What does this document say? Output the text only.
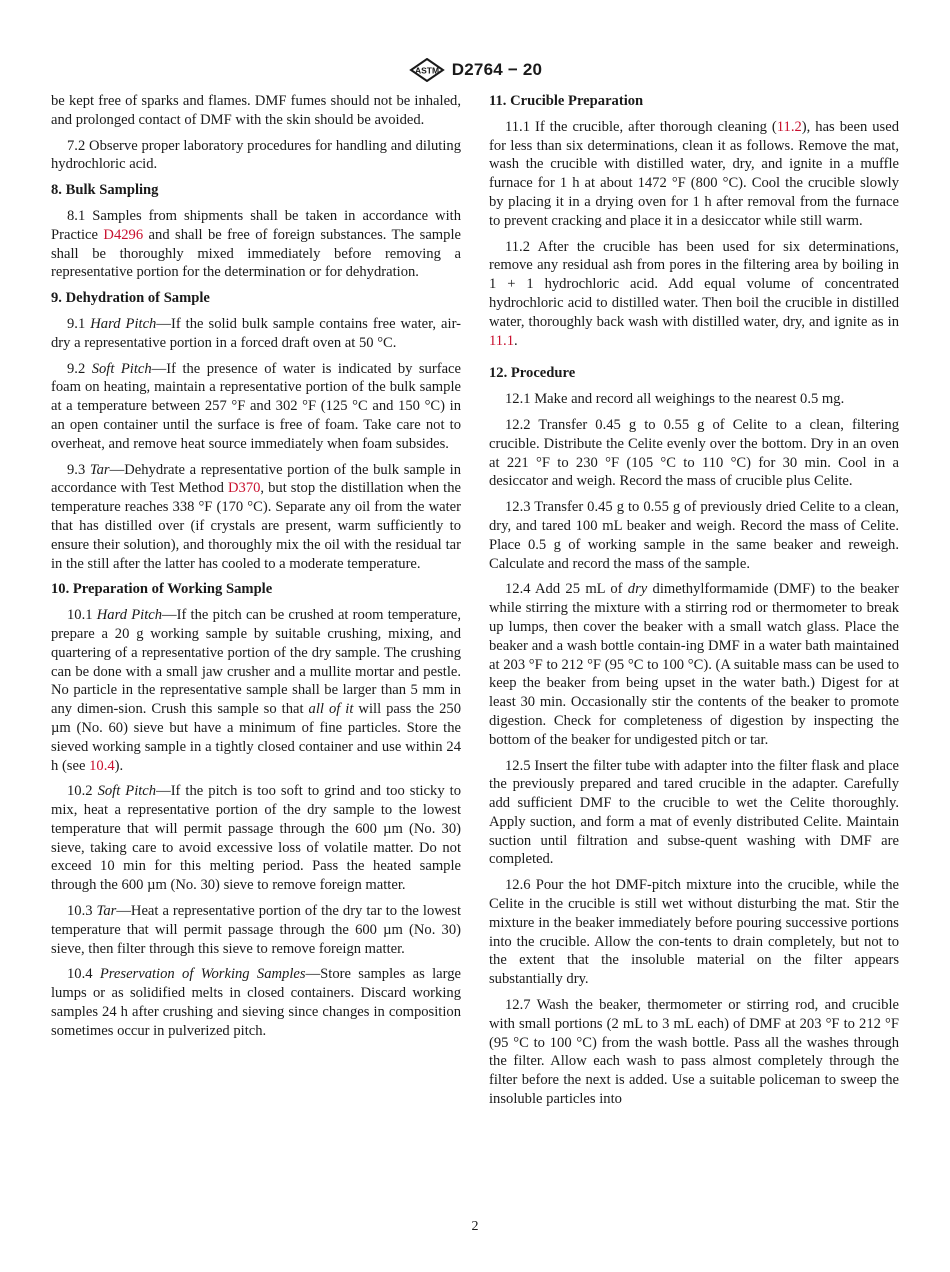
ASTM D2764 − 20

be kept free of sparks and flames. DMF fumes should not be inhaled, and prolonged contact of DMF with the skin should be avoided.

7.2 Observe proper laboratory procedures for handling and diluting hydrochloric acid.

8. Bulk Sampling

8.1 Samples from shipments shall be taken in accordance with Practice D4296 and shall be free of foreign substances. The sample shall be thoroughly mixed immediately before removing a representative portion for the determination or for dehydration.

9. Dehydration of Sample

9.1 Hard Pitch—If the solid bulk sample contains free water, air-dry a representative portion in a forced draft oven at 50 °C.

9.2 Soft Pitch—If the presence of water is indicated by surface foam on heating, maintain a representative portion of the bulk sample at a temperature between 257 °F and 302 °F (125 °C and 150 °C) in an open container until the surface is free of foam. Take care not to overheat, and remove heat source immediately when foam subsides.

9.3 Tar—Dehydrate a representative portion of the bulk sample in accordance with Test Method D370, but stop the distillation when the temperature reaches 338 °F (170 °C). Separate any oil from the water that has distilled over (if crystals are present, warm sufficiently to ensure their solution), and thoroughly mix the oil with the residual tar in the still after the latter has cooled to a moderate temperature.

10. Preparation of Working Sample

10.1 Hard Pitch—If the pitch can be crushed at room temperature, prepare a 20 g working sample by suitable crushing, mixing, and quartering of a representative portion of the dry sample. The crushing can be done with a small jaw crusher and a mullite mortar and pestle. No particle in the representative sample shall be larger than 5 mm in any dimen-sion. Crush this sample so that all of it will pass the 250 µm (No. 60) sieve but have a minimum of fine particles. Store the sieved working sample in a tightly closed container and use within 24 h (see 10.4).

10.2 Soft Pitch—If the pitch is too soft to grind and too sticky to mix, heat a representative portion of the dry sample to the lowest temperature that will permit passage through the 600 µm (No. 30) sieve, taking care to avoid excessive loss of volatile matter. Do not exceed 10 min for this melting period. Pass the heated sample through the 600 µm (No. 30) sieve to remove foreign matter.

10.3 Tar—Heat a representative portion of the dry tar to the lowest temperature that will permit passage through the 600 µm (No. 30) sieve, then filter through this sieve to remove foreign matter.

10.4 Preservation of Working Samples—Store samples as large lumps or as solidified melts in closed containers. Discard working samples 24 h after crushing and sieving since changes in composition sometimes occur in pulverized pitch.

11. Crucible Preparation

11.1 If the crucible, after thorough cleaning (11.2), has been used for less than six determinations, clean it as follows. Remove the mat, wash the crucible with distilled water, dry, and ignite in a muffle furnace for 1 h at about 1472 °F (800 °C). Cool the crucible slowly by placing it in a drying oven for 1 h after removal from the furnace to prevent cracking and place it in a desiccator while still warm.

11.2 After the crucible has been used for six determinations, remove any residual ash from pores in the filtering area by boiling in 1 + 1 hydrochloric acid. Add equal volume of concentrated hydrochloric acid to distilled water. Then boil the crucible in distilled water, thoroughly back wash with distilled water, dry, and ignite as in 11.1.

12. Procedure

12.1 Make and record all weighings to the nearest 0.5 mg.

12.2 Transfer 0.45 g to 0.55 g of Celite to a clean, filtering crucible. Distribute the Celite evenly over the bottom. Dry in an oven at 221 °F to 230 °F (105 °C to 110 °C) for 30 min. Cool in a desiccator and weigh. Record the mass of crucible plus Celite.

12.3 Transfer 0.45 g to 0.55 g of previously dried Celite to a clean, dry, and tared 100 mL beaker and weigh. Record the mass of Celite. Place 0.5 g of working sample in the same beaker and reweigh. Calculate and record the mass of the sample.

12.4 Add 25 mL of dry dimethylformamide (DMF) to the beaker while stirring the mixture with a stirring rod or thermometer to break up lumps, then cover the beaker with a small watch glass. Place the beaker and a wash bottle contain-ing DMF in a water bath maintained at 203 °F to 212 °F (95 °C to 100 °C). (A suitable mass can be used to keep the beaker from being upset in the water bath.) Digest for at least 30 min. Occasionally stir the contents of the beaker to promote digestion. Check for completeness of digestion by inspecting the bottom of the beaker for undigested pitch or tar.

12.5 Insert the filter tube with adapter into the filter flask and place the previously prepared and tared crucible in the adapter. Carefully add sufficient DMF to the crucible to wet the Celite thoroughly. Apply suction, and form a mat of evenly distributed Celite. Maintain suction until filtration and subse-quent washing with DMF are completed.

12.6 Pour the hot DMF-pitch mixture into the crucible, while the Celite in the crucible is still wet without disturbing the mat. Stir the mixture in the beaker immediately before pouring successive portions into the crucible. Allow the con-tents to drain completely, but not to the extent that the insoluble material on the filter appears substantially dry.

12.7 Wash the beaker, thermometer or stirring rod, and crucible with small portions (2 mL to 3 mL each) of DMF at 203 °F to 212 °F (95 °C to 100 °C) from the wash bottle. Pass all the washes through the filter. Allow each wash to pass almost completely through the filter before the next is added. Use a suitable policeman to sweep the insoluble particles into

2
